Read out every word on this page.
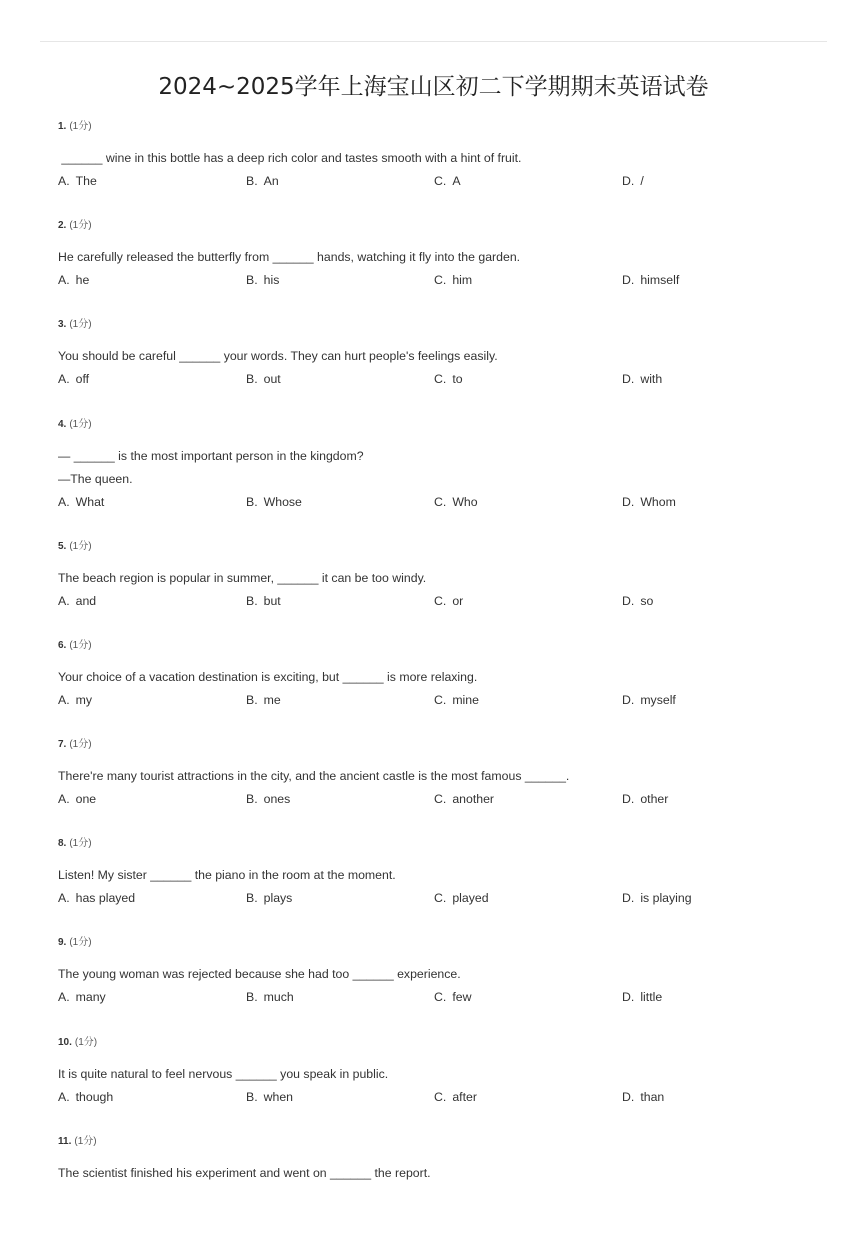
2024~2025学年上海宝山区初二下学期期末英语试卷
1. (1分)
______ wine in this bottle has a deep rich color and tastes smooth with a hint of fruit.
A. The	B. An	C. A	D. /
2. (1分)
He carefully released the butterfly from ______ hands, watching it fly into the garden.
A. he	B. his	C. him	D. himself
3. (1分)
You should be careful ______ your words. They can hurt people's feelings easily.
A. off	B. out	C. to	D. with
4. (1分)
— ______ is the most important person in the kingdom?
—The queen.
A. What	B. Whose	C. Who	D. Whom
5. (1分)
The beach region is popular in summer, ______ it can be too windy.
A. and	B. but	C. or	D. so
6. (1分)
Your choice of a vacation destination is exciting, but ______ is more relaxing.
A. my	B. me	C. mine	D. myself
7. (1分)
There're many tourist attractions in the city, and the ancient castle is the most famous ______.
A. one	B. ones	C. another	D. other
8. (1分)
Listen! My sister ______ the piano in the room at the moment.
A. has played	B. plays	C. played	D. is playing
9. (1分)
The young woman was rejected because she had too ______ experience.
A. many	B. much	C. few	D. little
10. (1分)
It is quite natural to feel nervous ______ you speak in public.
A. though	B. when	C. after	D. than
11. (1分)
The scientist finished his experiment and went on ______ the report.
